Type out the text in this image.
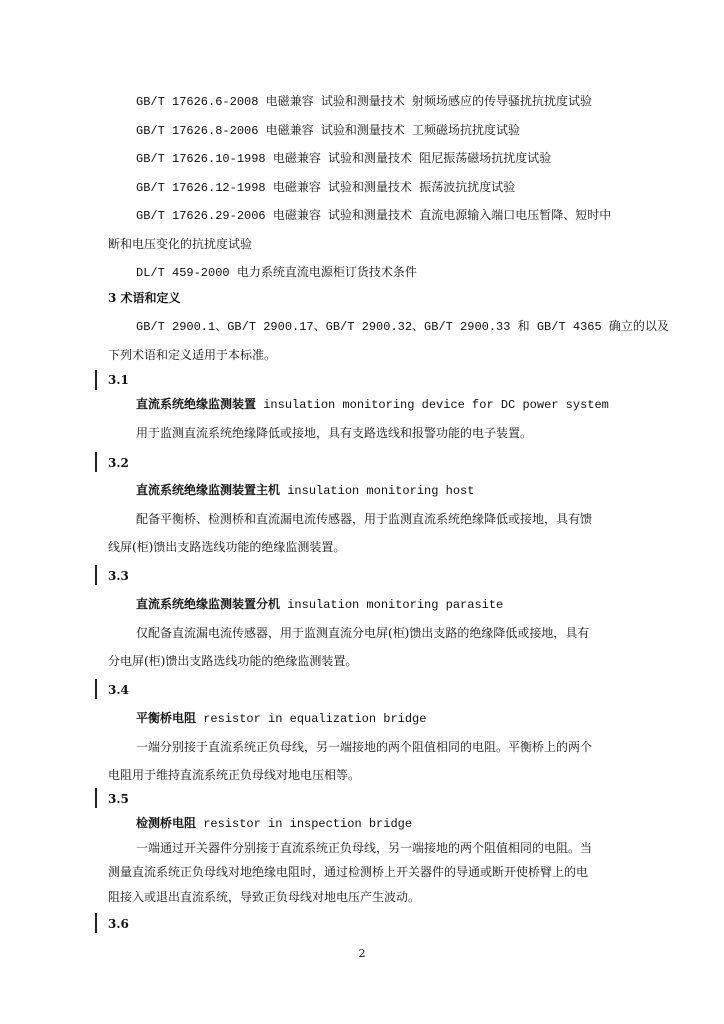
GB/T 17626.6-2008 电磁兼容 试验和测量技术 射频场感应的传导骚扰抗扰度试验
GB/T 17626.8-2006 电磁兼容 试验和测量技术 工频磁场抗扰度试验
GB/T 17626.10-1998 电磁兼容 试验和测量技术 阻尼振荡磁场抗扰度试验
GB/T 17626.12-1998 电磁兼容 试验和测量技术 振荡波抗扰度试验
GB/T 17626.29-2006 电磁兼容 试验和测量技术 直流电源输入端口电压暂降、短时中
断和电压变化的抗扰度试验
DL/T 459-2000 电力系统直流电源柜订货技术条件
3 术语和定义
GB/T 2900.1、GB/T 2900.17、GB/T 2900.32、GB/T 2900.33 和 GB/T 4365 确立的以及
下列术语和定义适用于本标准。
3.1
直流系统绝缘监测装置 insulation monitoring device for DC power system
用于监测直流系统绝缘降低或接地，具有支路选线和报警功能的电子装置。
3.2
直流系统绝缘监测装置主机 insulation monitoring host
配备平衡桥、检测桥和直流漏电流传感器，用于监测直流系统绝缘降低或接地，具有馈
线屏(柜)馈出支路选线功能的绝缘监测装置。
3.3
直流系统绝缘监测装置分机 insulation monitoring parasite
仅配备直流漏电流传感器，用于监测直流分电屏(柜)馈出支路的绝缘降低或接地，具有
分电屏(柜)馈出支路选线功能的绝缘监测装置。
3.4
平衡桥电阻 resistor in equalization bridge
一端分别接于直流系统正负母线，另一端接地的两个阻值相同的电阻。平衡桥上的两个
电阻用于维持直流系统正负母线对地电压相等。
3.5
检测桥电阻 resistor in inspection bridge
一端通过开关器件分别接于直流系统正负母线，另一端接地的两个阻值相同的电阻。当
测量直流系统正负母线对地绝缘电阻时，通过检测桥上开关器件的导通或断开使桥臂上的电
阻接入或退出直流系统，导致正负母线对地电压产生波动。
3.6
2
